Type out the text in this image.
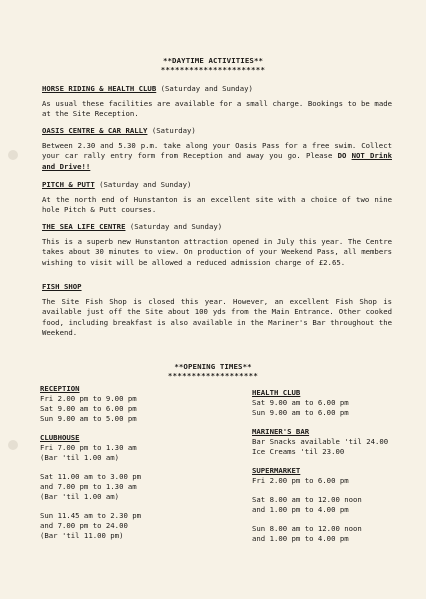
**DAYTIME ACTIVITIES**
**********************
HORSE RIDING & HEALTH CLUB (Saturday and Sunday)
As usual these facilities are available for a small charge. Bookings to be made at the Site Reception.
OASIS CENTRE & CAR RALLY (Saturday)
Between 2.30 and 5.30 p.m. take along your Oasis Pass for a free swim. Collect your car rally entry form from Reception and away you go. Please DO NOT Drink and Drive!!
PITCH & PUTT (Saturday and Sunday)
At the north end of Hunstanton is an excellent site with a choice of two nine hole Pitch & Putt courses.
THE SEA LIFE CENTRE (Saturday and Sunday)
This is a superb new Hunstanton attraction opened in July this year. The Centre takes about 30 minutes to view. On production of your Weekend Pass, all members wishing to visit will be allowed a reduced admission charge of £2.65.
FISH SHOP
The Site Fish Shop is closed this year. However, an excellent Fish Shop is available just off the Site about 100 yds from the Main Entrance. Other cooked food, including breakfast is also available in the Mariner's Bar throughout the Weekend.
**OPENING TIMES**
*******************
RECEPTION
Fri 2.00 pm to 9.00 pm
Sat 9.00 am to 6.00 pm
Sun 9.00 am to 5.00 pm
CLUBHOUSE
Fri 7.00 pm to 1.30 am
(Bar 'til 1.00 am)
Sat 11.00 am to 3.00 pm
and 7.00 pm to 1.30 am
(Bar 'til 1.00 am)
Sun 11.45 am to 2.30 pm
and 7.00 pm to 24.00
(Bar 'til 11.00 pm)
HEALTH CLUB
Sat 9.00 am to 6.00 pm
Sun 9.00 am to 6.00 pm
MARINER'S BAR
Bar Snacks available 'til 24.00
Ice Creams 'til 23.00
SUPERMARKET
Fri 2.00 pm to 6.00 pm
Sat 8.00 am to 12.00 noon
and 1.00 pm to 4.00 pm
Sun 8.00 am to 12.00 noon
and 1.00 pm to 4.00 pm
